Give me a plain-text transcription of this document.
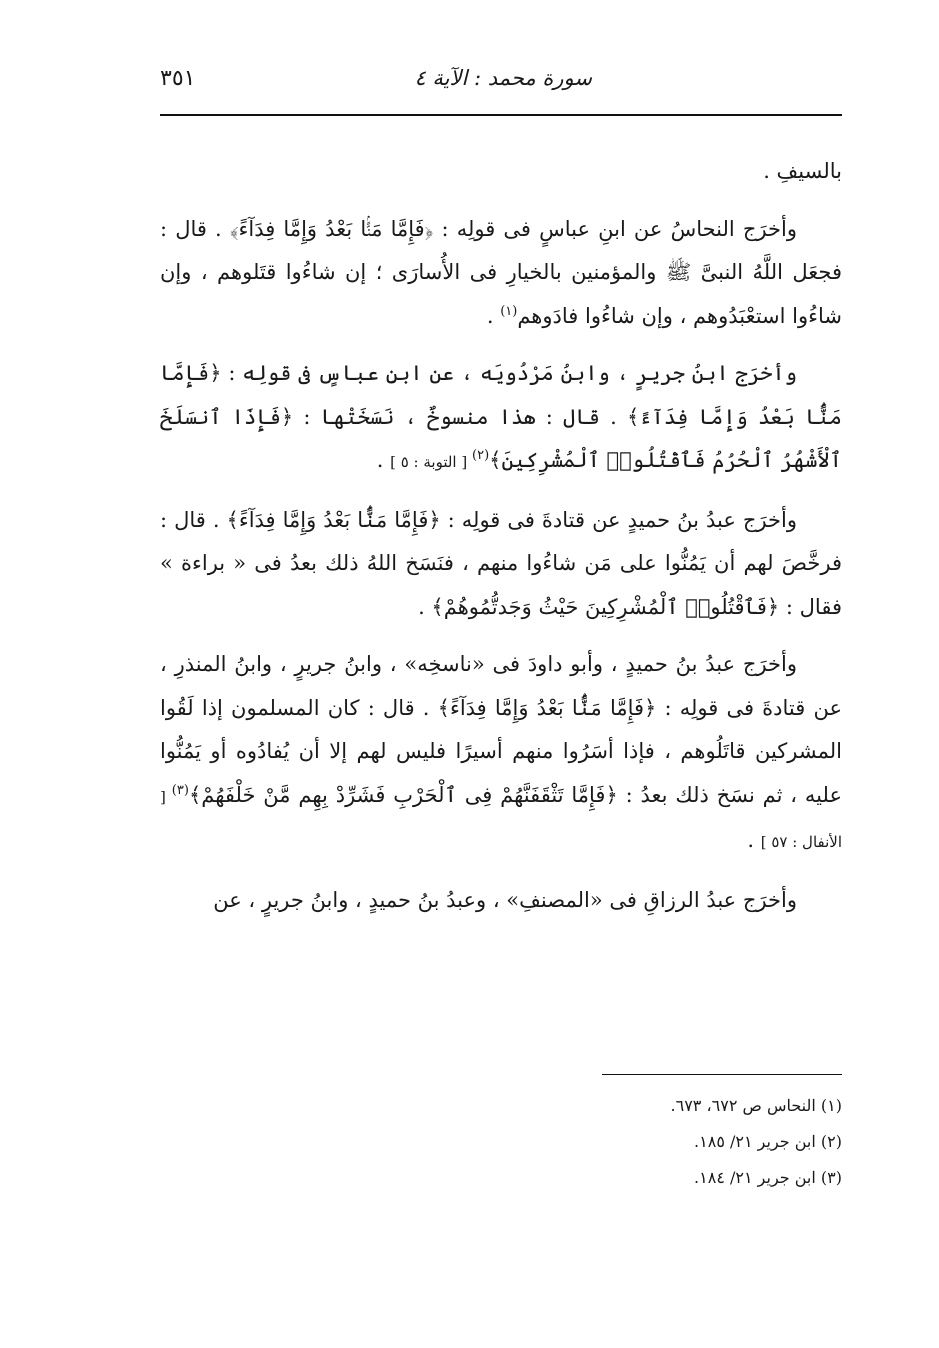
سورة محمد : الآية ٤
٣٥١

بالسيفِ .

وأخرَج النحاسُ عن ابنِ عباسٍ فى قولِه : ﴿فَإِمَّا مَنًّۢا بَعْدُ وَإِمَّا فِدَآءً﴾ . قال : فجعَل اللَّهُ النبىَّ ﷺ والمؤمنين بالخيارِ فى الأُسارَى ؛ إن شاءُوا قتَلوهم ، وإن شاءُوا استعْبَدُوهم ، وإن شاءُوا فادَوهم$^{(١)}$ .

وأخرَج ابنُ جريرٍ ، وابنُ مَرْدُويَه ، عن ابنِ عباسٍ فى قولِه : ﴿فَإِمَّا مَنًّۢا بَعْدُ وَإِمَّا فِدَآءً﴾ . قال : هذا منسوخٌ ، نَسَخَتْها : ﴿فَإِذَا ٱنسَلَخَ ٱلْأَشْهُرُ ٱلْحُرُمُ فَٱقْتُلُوا۟ ٱلْمُشْرِكِينَ﴾$^{(٢)}$ [ التوبة : ٥ ] .

وأخرَج عبدُ بنُ حميدٍ عن قتادةَ فى قولِه : ﴿فَإِمَّا مَنًّۢا بَعْدُ وَإِمَّا فِدَآءً﴾ . قال : فرخَّصَ لهم أن يَمُنُّوا على مَن شاءُوا منهم ، فنَسَخ اللهُ ذلك بعدُ فى « براءة » فقال : ﴿فَٱقْتُلُوا۟ ٱلْمُشْرِكِينَ حَيْثُ وَجَدتُّمُوهُمْ﴾ .

وأخرَج عبدُ بنُ حميدٍ ، وأبو داودَ فى «ناسخِه» ، وابنُ جريرٍ ، وابنُ المنذرِ ، عن قتادةَ فى قولِه : ﴿فَإِمَّا مَنًّۢا بَعْدُ وَإِمَّا فِدَآءً﴾ . قال : كان المسلمون إذا لَقُوا المشركين قاتَلُوهم ، فإذا أسَرُوا منهم أسيرًا فليس لهم إلا أن يُفادُوه أو يَمُنُّوا عليه ، ثم نسَخ ذلك بعدُ : ﴿فَإِمَّا تَثْقَفَنَّهُمْ فِى ٱلْحَرْبِ فَشَرِّدْ بِهِم مَّنْ خَلْفَهُمْ﴾$^{(٣)}$ [ الأنفال : ٥٧ ] .

وأخرَج عبدُ الرزاقِ فى «المصنفِ» ، وعبدُ بنُ حميدٍ ، وابنُ جريرٍ ، عن

(١) النحاس ص ٦٧٢، ٦٧٣.

(٢) ابن جرير ٢١/ ١٨٥.

(٣) ابن جرير ٢١/ ١٨٤.
